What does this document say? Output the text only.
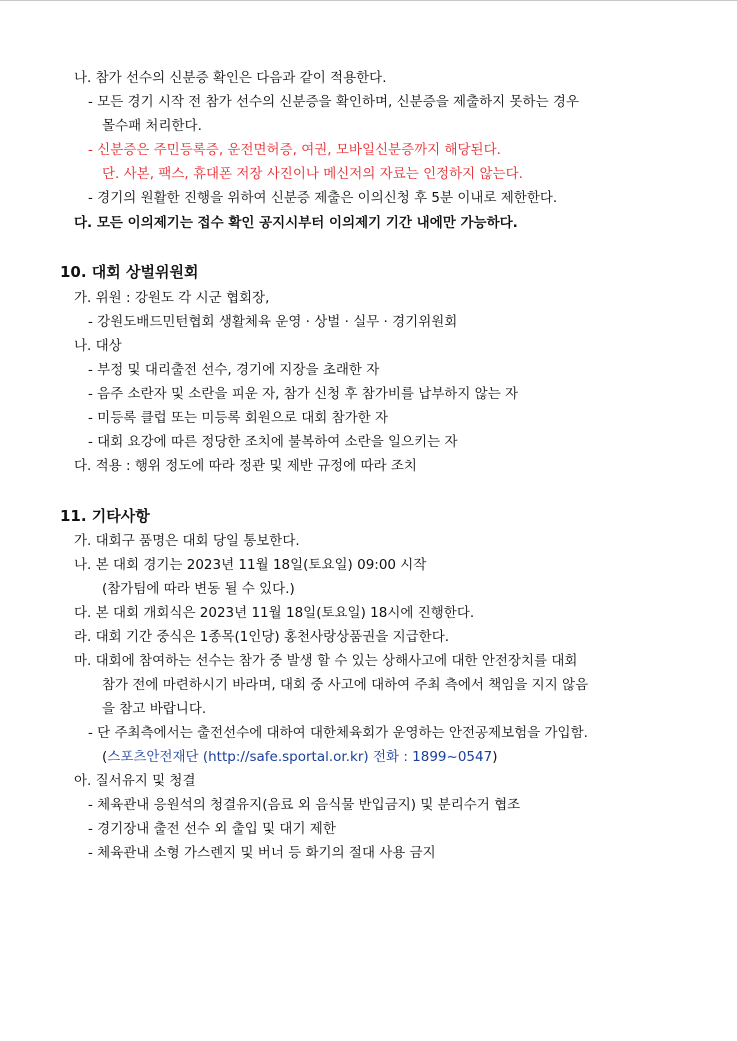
나. 참가 선수의 신분증 확인은 다음과 같이 적용한다.
- 모든 경기 시작 전 참가 선수의 신분증을 확인하며, 신분증을 제출하지 못하는 경우
몰수패 처리한다.
- 신분증은 주민등록증, 운전면허증, 여권, 모바일신분증까지 해당된다.
단. 사본, 팩스, 휴대폰 저장 사진이나 메신저의 자료는 인정하지 않는다.
- 경기의 원활한 진행을 위하여 신분증 제출은 이의신청 후 5분 이내로 제한한다.
다. 모든 이의제기는 접수 확인 공지시부터 이의제기 기간 내에만 가능하다.
10. 대회 상벌위원회
가. 위원 : 강원도 각 시군 협회장,
- 강원도배드민턴협회 생활체육 운영 · 상벌 · 실무 · 경기위원회
나. 대상
- 부정 및 대리출전 선수, 경기에 지장을 초래한 자
- 음주 소란자 및 소란을 피운 자, 참가 신청 후 참가비를 납부하지 않는 자
- 미등록 클럽 또는 미등록 회원으로 대회 참가한 자
- 대회 요강에 따른 정당한 조치에 불복하여 소란을 일으키는 자
다. 적용 : 행위 정도에 따라 정관 및 제반 규정에 따라 조치
11. 기타사항
가. 대회구 품명은 대회 당일 통보한다.
나. 본 대회 경기는 2023년 11월 18일(토요일) 09:00 시작
(참가팀에 따라 변동 될 수 있다.)
다. 본 대회 개회식은 2023년 11월 18일(토요일) 18시에 진행한다.
라. 대회 기간 중식은 1종목(1인당) 홍천사랑상품권을 지급한다.
마. 대회에 참여하는 선수는 참가 중 발생 할 수 있는 상해사고에 대한 안전장치를 대회
참가 전에 마련하시기 바라며, 대회 중 사고에 대하여 주최 측에서 책임을 지지 않음
을 참고 바랍니다.
- 단 주최측에서는 출전선수에 대하여 대한체육회가 운영하는 안전공제보험을 가입함.
(스포츠안전재단 (http://safe.sportal.or.kr) 전화 : 1899~0547)
아. 질서유지 및 청결
- 체육관내 응원석의 청결유지(음료 외 음식물 반입금지) 및 분리수거 협조
- 경기장내 출전 선수 외 출입 및 대기 제한
- 체육관내 소형 가스렌지 및 버너 등 화기의 절대 사용 금지
